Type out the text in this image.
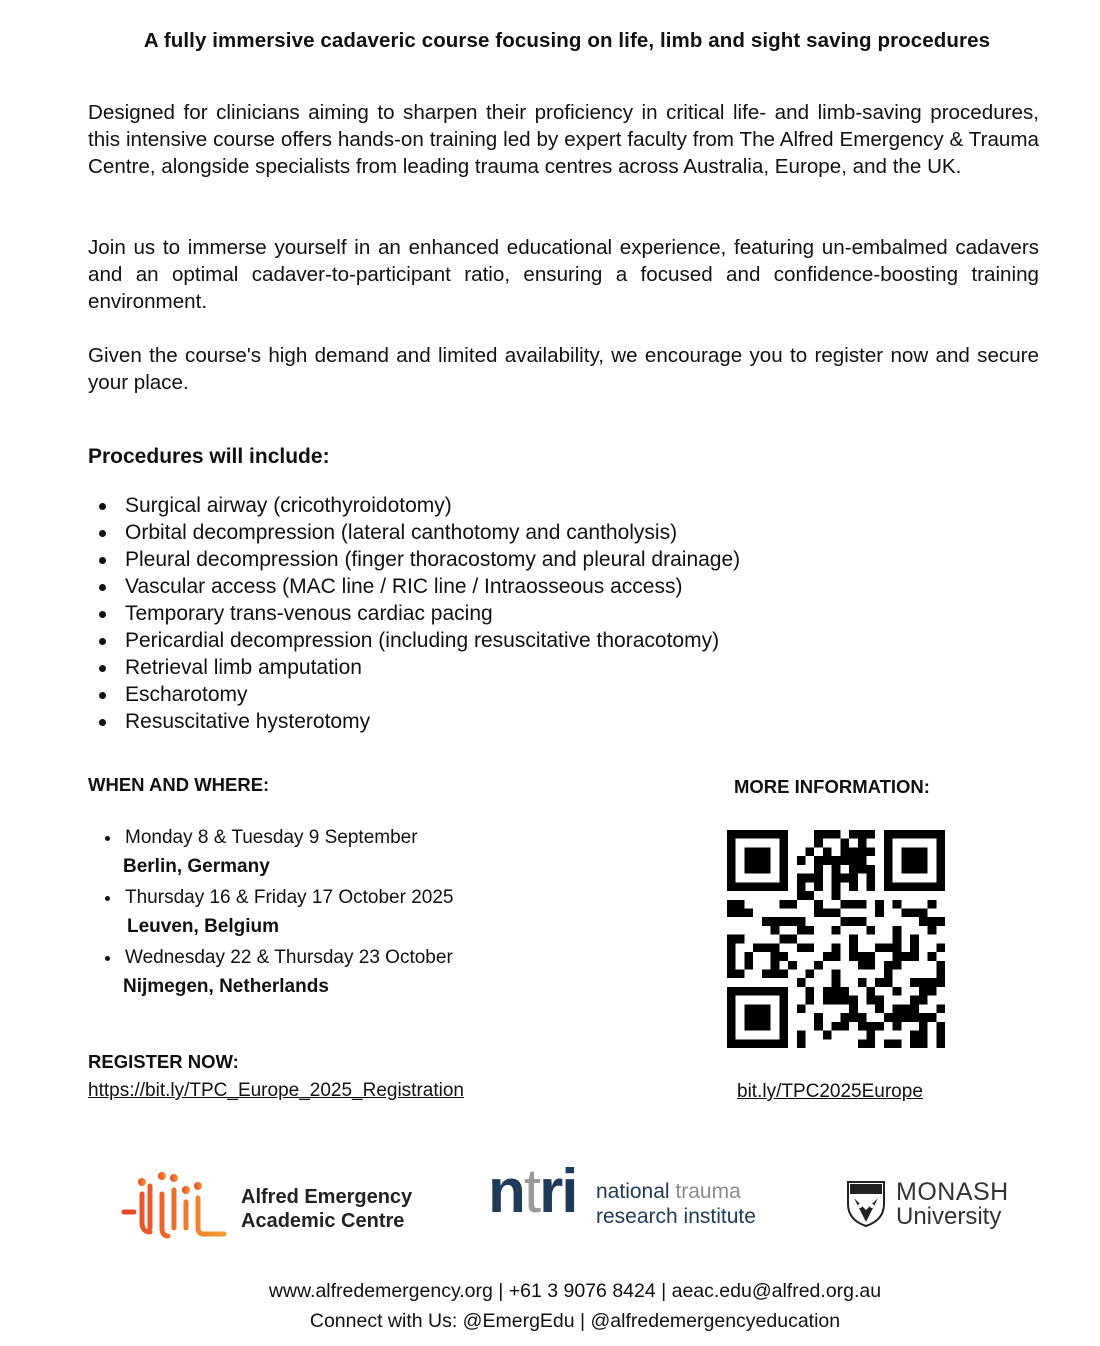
A fully immersive cadaveric course focusing on life, limb and sight saving procedures

Designed for clinicians aiming to sharpen their proficiency in critical life- and limb-saving procedures, this intensive course offers hands-on training led by expert faculty from The Alfred Emergency & Trauma Centre, alongside specialists from leading trauma centres across Australia, Europe, and the UK.

Join us to immerse yourself in an enhanced educational experience, featuring un-embalmed cadavers and an optimal cadaver-to-participant ratio, ensuring a focused and confidence-boosting training environment.

Given the course's high demand and limited availability, we encourage you to register now and secure your place.

Procedures will include:
Surgical airway (cricothyroidotomy)
Orbital decompression (lateral canthotomy and cantholysis)
Pleural decompression (finger thoracostomy and pleural drainage)
Vascular access (MAC line / RIC line / Intraosseous access)
Temporary trans-venous cardiac pacing
Pericardial decompression (including resuscitative thoracotomy)
Retrieval limb amputation
Escharotomy
Resuscitative hysterotomy
WHEN AND WHERE:
Monday 8 & Tuesday 9 September
Berlin, Germany
Thursday 16 & Friday 17 October 2025
Leuven, Belgium
Wednesday 22 & Thursday 23 October
Nijmegen, Netherlands
REGISTER NOW:
https://bit.ly/TPC_Europe_2025_Registration
MORE INFORMATION:
bit.ly/TPC2025Europe
Alfred Emergency
Academic Centre ntri national trauma
research institute
MONASH
University
www.alfredemergency.org | +61 3 9076 8424 | aeac.edu@alfred.org.au
Connect with Us: @EmergEdu | @alfredemergencyeducation
